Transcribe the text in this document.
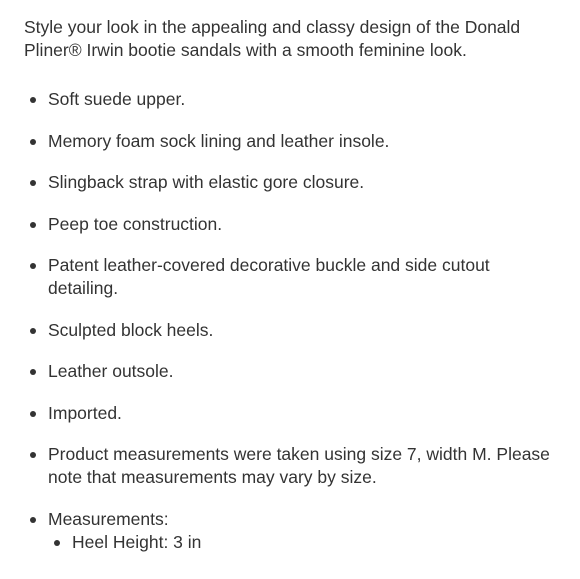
Style your look in the appealing and classy design of the Donald Pliner® Irwin bootie sandals with a smooth feminine look.

Soft suede upper.
Memory foam sock lining and leather insole.
Slingback strap with elastic gore closure.
Peep toe construction.
Patent leather-covered decorative buckle and side cutout detailing.
Sculpted block heels.
Leather outsole.
Imported.
Product measurements were taken using size 7, width M. Please note that measurements may vary by size.
Measurements:
Heel Height: 3 in
